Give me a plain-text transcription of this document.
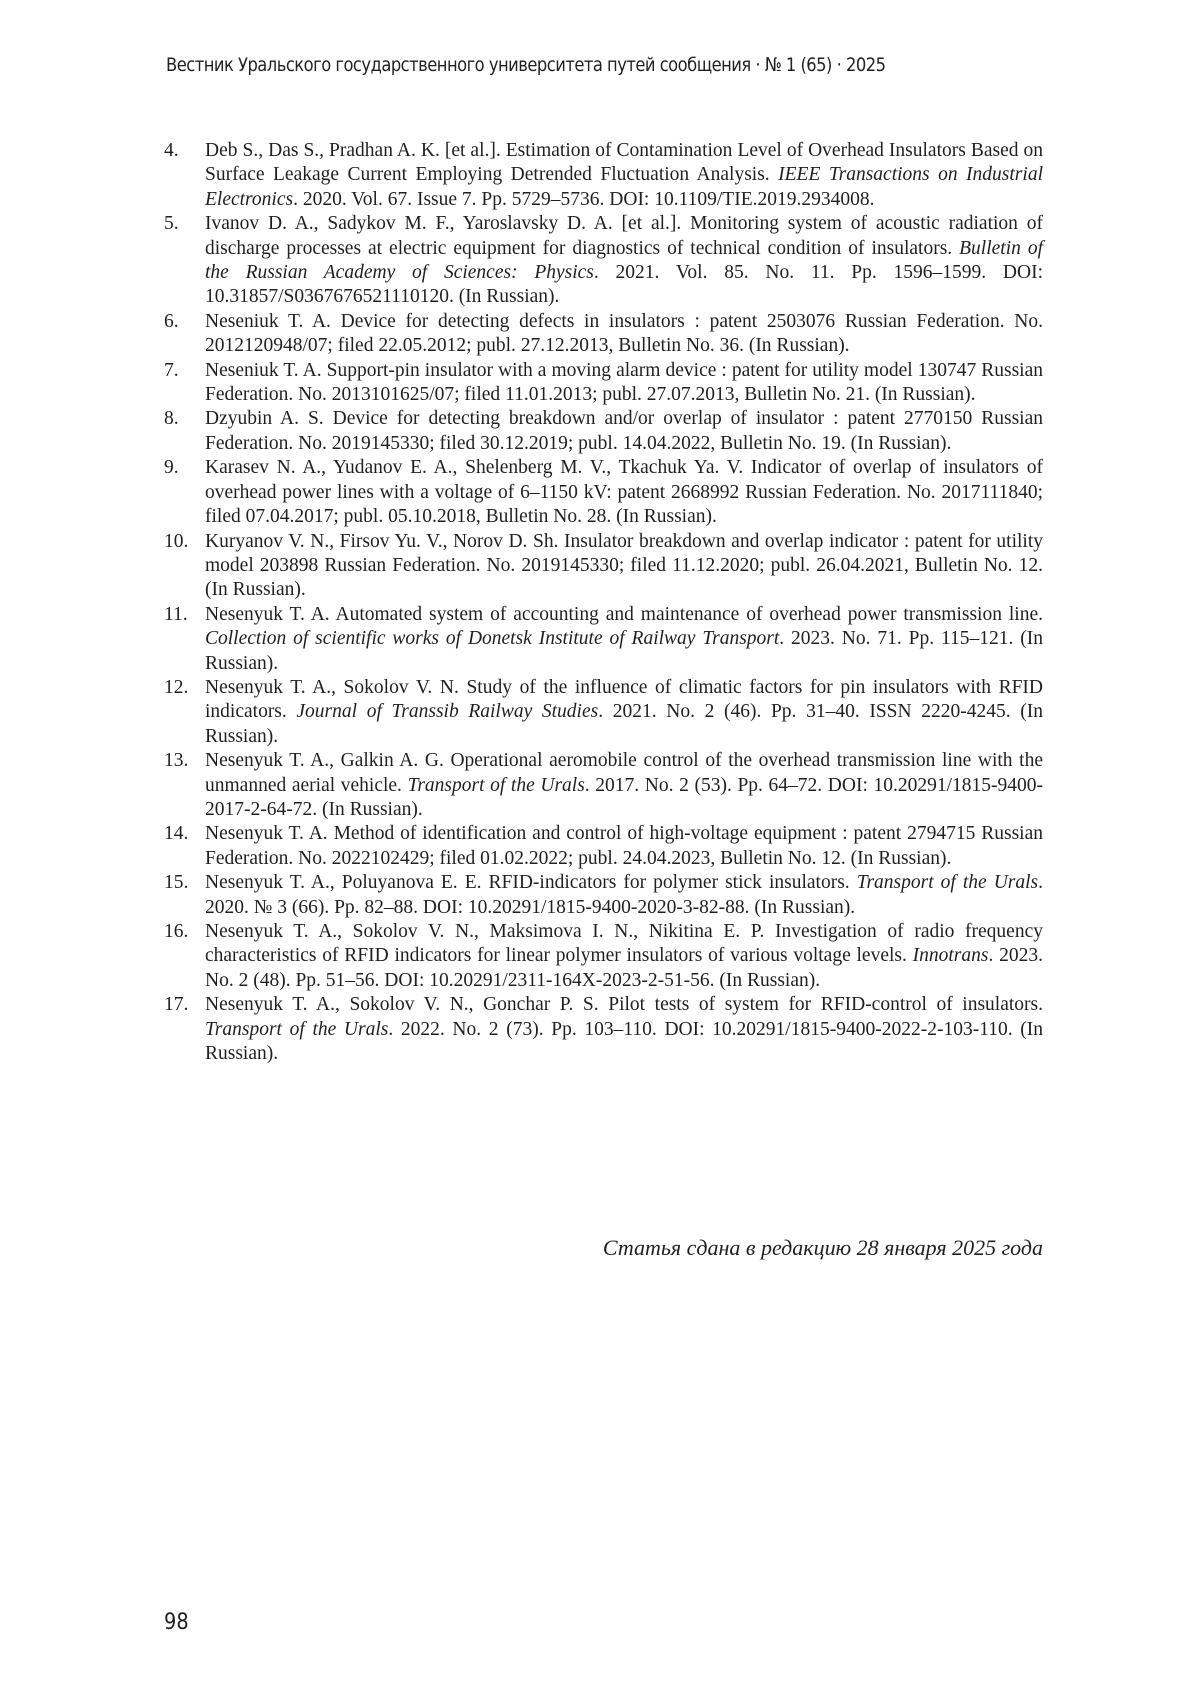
Вестник Уральского государственного университета путей сообщения · № 1 (65) · 2025
4.	Deb S., Das S., Pradhan A. K. [et al.]. Estimation of Contamination Level of Overhead Insulators Based on Surface Leakage Current Employing Detrended Fluctuation Analysis. IEEE Transactions on Industrial Electronics. 2020. Vol. 67. Issue 7. Pp. 5729–5736. DOI: 10.1109/TIE.2019.2934008.
5.	Ivanov D. A., Sadykov M. F., Yaroslavsky D. A. [et al.]. Monitoring system of acoustic radiation of discharge processes at electric equipment for diagnostics of technical condition of insulators. Bulletin of the Russian Academy of Sciences: Physics. 2021. Vol. 85. No. 11. Pp. 1596–1599. DOI: 10.31857/S0367676521110120. (In Russian).
6.	Neseniuk T. A. Device for detecting defects in insulators : patent 2503076 Russian Federation. No. 2012120948/07; filed 22.05.2012; publ. 27.12.2013, Bulletin No. 36. (In Russian).
7.	Neseniuk T. A. Support-pin insulator with a moving alarm device : patent for utility model 130747 Russian Federation. No. 2013101625/07; filed 11.01.2013; publ. 27.07.2013, Bulletin No. 21. (In Russian).
8.	Dzyubin A. S. Device for detecting breakdown and/or overlap of insulator : patent 2770150 Russian Federation. No. 2019145330; filed 30.12.2019; publ. 14.04.2022, Bulletin No. 19. (In Russian).
9.	Karasev N. A., Yudanov E. A., Shelenberg M. V., Tkachuk Ya. V. Indicator of overlap of insulators of overhead power lines with a voltage of 6–1150 kV: patent 2668992 Russian Federation. No. 2017111840; filed 07.04.2017; publ. 05.10.2018, Bulletin No. 28. (In Russian).
10. Kuryanov V. N., Firsov Yu. V., Norov D. Sh. Insulator breakdown and overlap indicator : patent for utility model 203898 Russian Federation. No. 2019145330; filed 11.12.2020; publ. 26.04.2021, Bulletin No. 12. (In Russian).
11. Nesenyuk T. A. Automated system of accounting and maintenance of overhead power transmission line. Collection of scientific works of Donetsk Institute of Railway Transport. 2023. No. 71. Pp. 115–121. (In Russian).
12. Nesenyuk T. A., Sokolov V. N. Study of the influence of climatic factors for pin insulators with RFID indicators. Journal of Transsib Railway Studies. 2021. No. 2 (46). Pp. 31–40. ISSN 2220-4245. (In Russian).
13. Nesenyuk T. A., Galkin A. G. Operational aeromobile control of the overhead transmission line with the unmanned aerial vehicle. Transport of the Urals. 2017. No. 2 (53). Pp. 64–72. DOI: 10.20291/1815-9400-2017-2-64-72. (In Russian).
14. Nesenyuk T. A. Method of identification and control of high-voltage equipment : patent 2794715 Russian Federation. No. 2022102429; filed 01.02.2022; publ. 24.04.2023, Bulletin No. 12. (In Russian).
15. Nesenyuk T. A., Poluyanova E. E. RFID-indicators for polymer stick insulators. Transport of the Urals. 2020. № 3 (66). Pp. 82–88. DOI: 10.20291/1815-9400-2020-3-82-88. (In Russian).
16. Nesenyuk T. A., Sokolov V. N., Maksimova I. N., Nikitina E. P. Investigation of radio frequency characteristics of RFID indicators for linear polymer insulators of various voltage levels. Innotrans. 2023. No. 2 (48). Pp. 51–56. DOI: 10.20291/2311-164X-2023-2-51-56. (In Russian).
17. Nesenyuk T. A., Sokolov V. N., Gonchar P. S. Pilot tests of system for RFID-control of insulators. Transport of the Urals. 2022. No. 2 (73). Pp. 103–110. DOI: 10.20291/1815-9400-2022-2-103-110. (In Russian).
Статья сдана в редакцию 28 января 2025 года
98
